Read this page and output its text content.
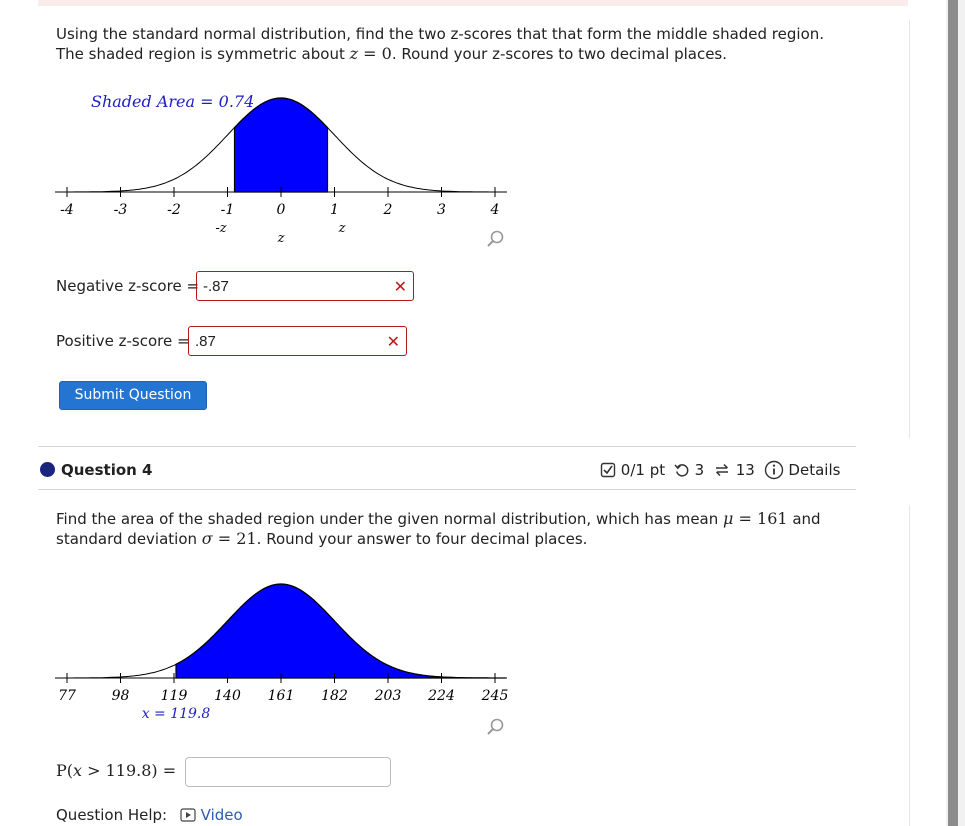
Using the standard normal distribution, find the two z-scores that that form the middle shaded region. The shaded region is symmetric about z = 0. Round your z-scores to two decimal places.
Shaded Area = 0.74
-4	-3	-2	-1	0	1	2	3	4
-z
z
z
Negative z-score = -.87	✕
Positive z-score = .87	✕
Submit Question
Question 4	0/1 pt 3 13 Details
Find the area of the shaded region under the given normal distribution, which has mean μ = 161 and standard deviation σ = 21. Round your answer to four decimal places.
77	98 119 140 161 182 203 224 245
x = 119.8
P(x > 119.8) =
Question Help: Video
